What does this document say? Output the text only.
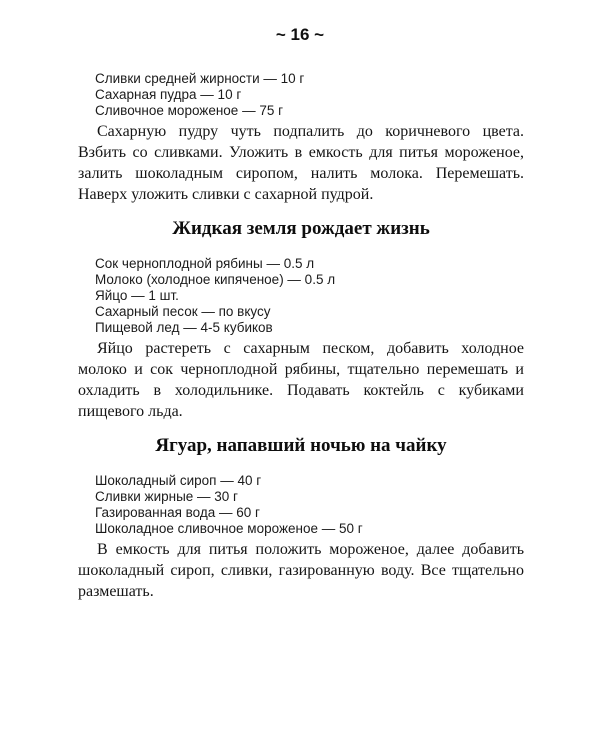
~ 16 ~
Сливки средней жирности — 10 г
Сахарная пудра — 10 г
Сливочное мороженое — 75 г

Сахарную пудру чуть подпалить до коричневого цвета. Взбить со сливками. Уложить в емкость для питья мороженое, залить шоколадным сиропом, налить молока. Перемешать. Наверх уложить сливки с сахарной пудрой.

Жидкая земля рождает жизнь
Сок черноплодной рябины — 0.5 л
Молоко (холодное кипяченое) — 0.5 л
Яйцо — 1 шт.
Сахарный песок — по вкусу
Пищевой лед — 4-5 кубиков

Яйцо растереть с сахарным песком, добавить холодное молоко и сок черноплодной рябины, тщательно перемешать и охладить в холодильнике. Подавать коктейль с кубиками пищевого льда.

Ягуар, напавший ночью на чайку
Шоколадный сироп — 40 г
Сливки жирные — 30 г
Газированная вода — 60 г
Шоколадное сливочное мороженое — 50 г

В емкость для питья положить мороженое, далее добавить шоколадный сироп, сливки, газированную воду. Все тщательно размешать.
